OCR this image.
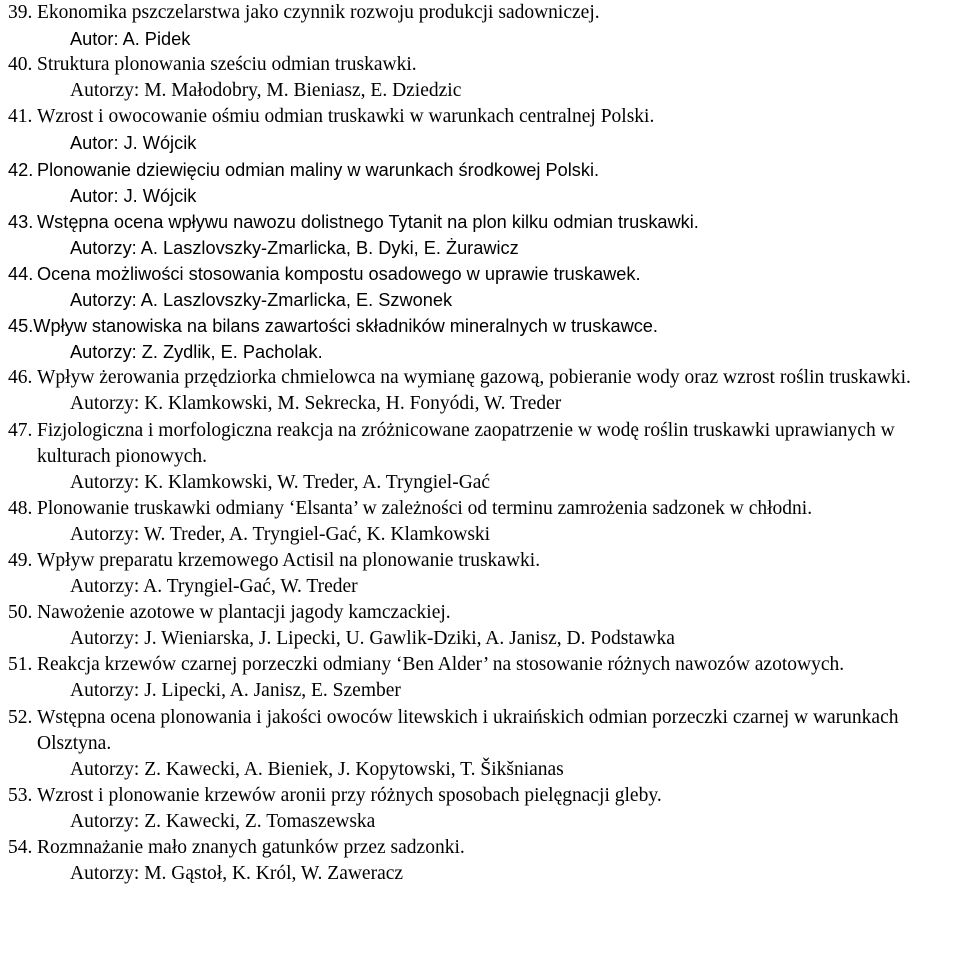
39. Ekonomika pszczelarstwa jako czynnik rozwoju produkcji sadowniczej.
Autor: A. Pidek
40. Struktura plonowania sześciu odmian truskawki.
Autorzy: M. Małodobry, M. Bieniasz, E. Dziedzic
41. Wzrost i owocowanie ośmiu odmian truskawki w warunkach centralnej Polski.
Autor: J. Wójcik
42. Plonowanie dziewięciu odmian maliny w warunkach środkowej Polski.
Autor: J. Wójcik
43. Wstępna ocena wpływu nawozu dolistnego Tytanit na plon kilku odmian truskawki.
Autorzy: A. Laszlovszky-Zmarlicka, B. Dyki, E. Żurawicz
44. Ocena możliwości stosowania kompostu osadowego w uprawie truskawek.
Autorzy: A. Laszlovszky-Zmarlicka, E. Szwonek
45.Wpływ stanowiska na bilans zawartości składników mineralnych w truskawce.
Autorzy: Z. Zydlik, E. Pacholak.
46. Wpływ żerowania przędziorka chmielowca na wymianę gazową, pobieranie wody oraz wzrost roślin truskawki.
Autorzy: K. Klamkowski, M. Sekrecka, H. Fonyódi, W. Treder
47. Fizjologiczna i morfologiczna reakcja na zróżnicowane zaopatrzenie w wodę roślin truskawki uprawianych w kulturach pionowych.
Autorzy: K. Klamkowski, W. Treder, A. Tryngiel-Gać
48. Plonowanie truskawki odmiany ‘Elsanta’ w zależności od terminu zamrożenia sadzonek w chłodni.
Autorzy: W. Treder, A. Tryngiel-Gać, K. Klamkowski
49. Wpływ preparatu krzemowego Actisil na plonowanie truskawki.
Autorzy: A. Tryngiel-Gać, W. Treder
50. Nawożenie azotowe w plantacji jagody kamczackiej.
Autorzy: J. Wieniarska, J. Lipecki, U. Gawlik-Dziki, A. Janisz, D. Podstawka
51. Reakcja krzewów czarnej porzeczki odmiany ‘Ben Alder’ na stosowanie różnych nawozów azotowych.
Autorzy: J. Lipecki, A. Janisz, E. Szember
52. Wstępna ocena plonowania i jakości owoców litewskich i ukraińskich odmian porzeczki czarnej w warunkach Olsztyna.
Autorzy: Z. Kawecki, A. Bieniek, J. Kopytowski, T. Šikšnianas
53. Wzrost i plonowanie krzewów aronii przy różnych sposobach pielęgnacji gleby.
Autorzy: Z. Kawecki, Z. Tomaszewska
54. Rozmnażanie mało znanych gatunków przez sadzonki.
Autorzy: M. Gąstoł, K. Król, W. Zaweracz
